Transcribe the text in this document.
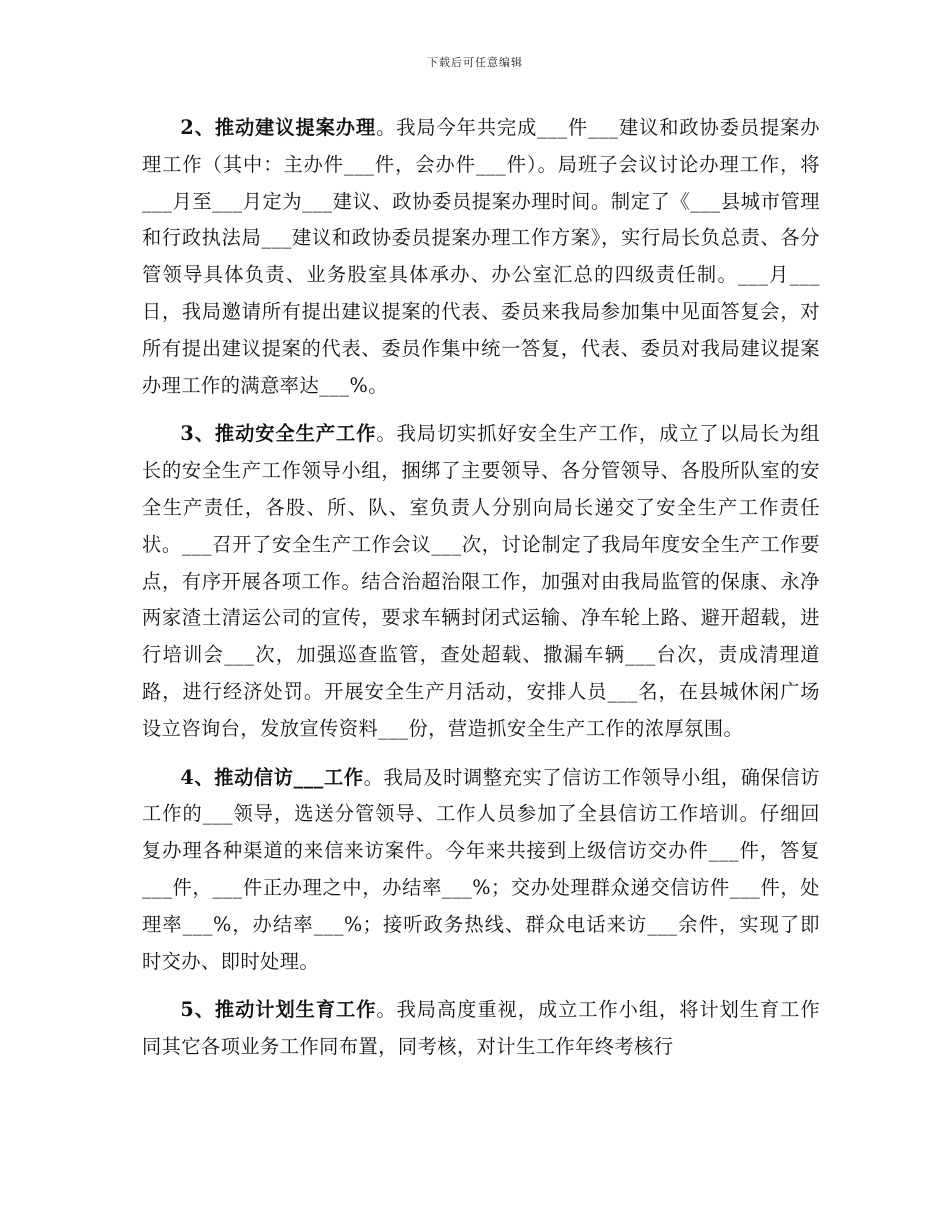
下载后可任意编辑

2、推动建议提案办理。我局今年共完成___件___建议和政协委员提案办理工作（其中：主办件___件，会办件___件）。局班子会议讨论办理工作，将___月至___月定为___建议、政协委员提案办理时间。制定了《___县城市管理和行政执法局___建议和政协委员提案办理工作方案》，实行局长负总责、各分管领导具体负责、业务股室具体承办、办公室汇总的四级责任制。___月___日，我局邀请所有提出建议提案的代表、委员来我局参加集中见面答复会，对所有提出建议提案的代表、委员作集中统一答复，代表、委员对我局建议提案办理工作的满意率达___%。

3、推动安全生产工作。我局切实抓好安全生产工作，成立了以局长为组长的安全生产工作领导小组，捆绑了主要领导、各分管领导、各股所队室的安全生产责任，各股、所、队、室负责人分别向局长递交了安全生产工作责任状。___召开了安全生产工作会议___次，讨论制定了我局年度安全生产工作要点，有序开展各项工作。结合治超治限工作，加强对由我局监管的保康、永净两家渣土清运公司的宣传，要求车辆封闭式运输、净车轮上路、避开超载，进行培训会___次，加强巡查监管，查处超载、撒漏车辆___台次，责成清理道路，进行经济处罚。开展安全生产月活动，安排人员___名，在县城休闲广场设立咨询台，发放宣传资料___份，营造抓安全生产工作的浓厚氛围。

4、推动信访___工作。我局及时调整充实了信访工作领导小组，确保信访工作的___领导，选送分管领导、工作人员参加了全县信访工作培训。仔细回复办理各种渠道的来信来访案件。今年来共接到上级信访交办件___件，答复___件，___件正办理之中，办结率___%；交办处理群众递交信访件___件，处理率___%，办结率___%；接听政务热线、群众电话来访___余件，实现了即时交办、即时处理。

5、推动计划生育工作。我局高度重视，成立工作小组，将计划生育工作同其它各项业务工作同布置，同考核，对计生工作年终考核行
